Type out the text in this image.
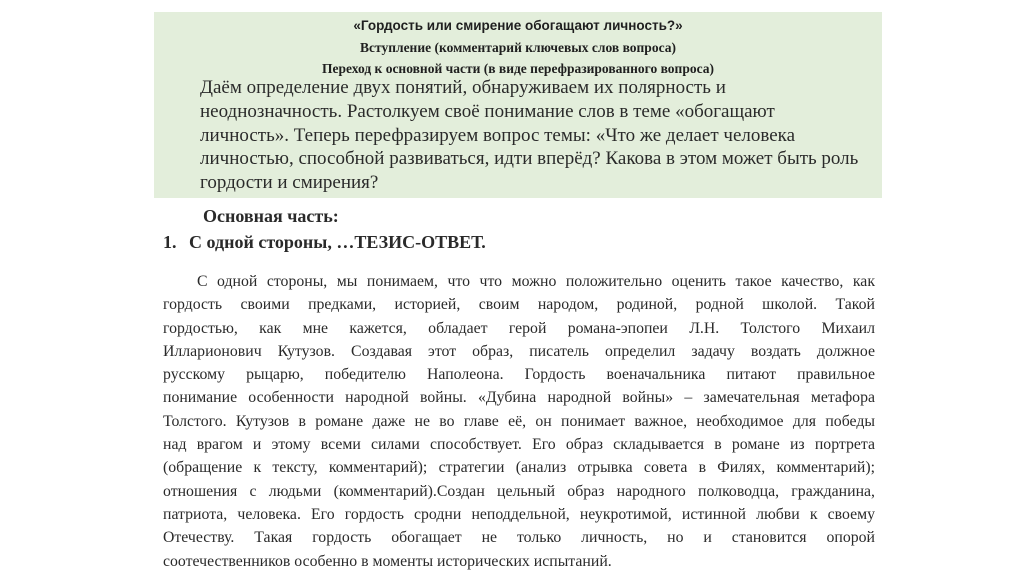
«Гордость или смирение обогащают личность?»
Вступление (комментарий ключевых слов вопроса)
Переход к основной части (в виде перефразированного вопроса)
Даём определение двух понятий, обнаруживаем их полярность и
неоднозначность. Растолкуем своё понимание слов в теме «обогащают
личность». Теперь перефразируем вопрос темы: «Что же делает человека
личностью, способной развиваться, идти вперёд? Какова в этом может быть роль
гордости и смирения?
Основная часть:
1. С одной стороны, …ТЕЗИС-ОТВЕТ.
С одной стороны, мы понимаем, что что можно положительно оценить такое качество, как
гордость своими предками, историей, своим народом, родиной, родной школой. Такой
гордостью, как мне кажется, обладает герой романа-эпопеи Л.Н. Толстого Михаил
Илларионович Кутузов. Создавая этот образ, писатель определил задачу воздать должное
русскому рыцарю, победителю Наполеона. Гордость военачальника питают правильное
понимание особенности народной войны. «Дубина народной войны» – замечательная метафора
Толстого. Кутузов в романе даже не во главе её, он понимает важное, необходимое для победы
над врагом и этому всеми силами способствует. Его образ складывается в романе из портрета
(обращение к тексту, комментарий); стратегии (анализ отрывка совета в Филях, комментарий);
отношения с людьми (комментарий).Создан цельный образ народного полководца, гражданина,
патриота, человека. Его гордость сродни неподдельной, неукротимой, истинной любви к своему
Отечеству. Такая гордость обогащает не только личность, но и становится опорой
соотечественников особенно в моменты исторических испытаний.
